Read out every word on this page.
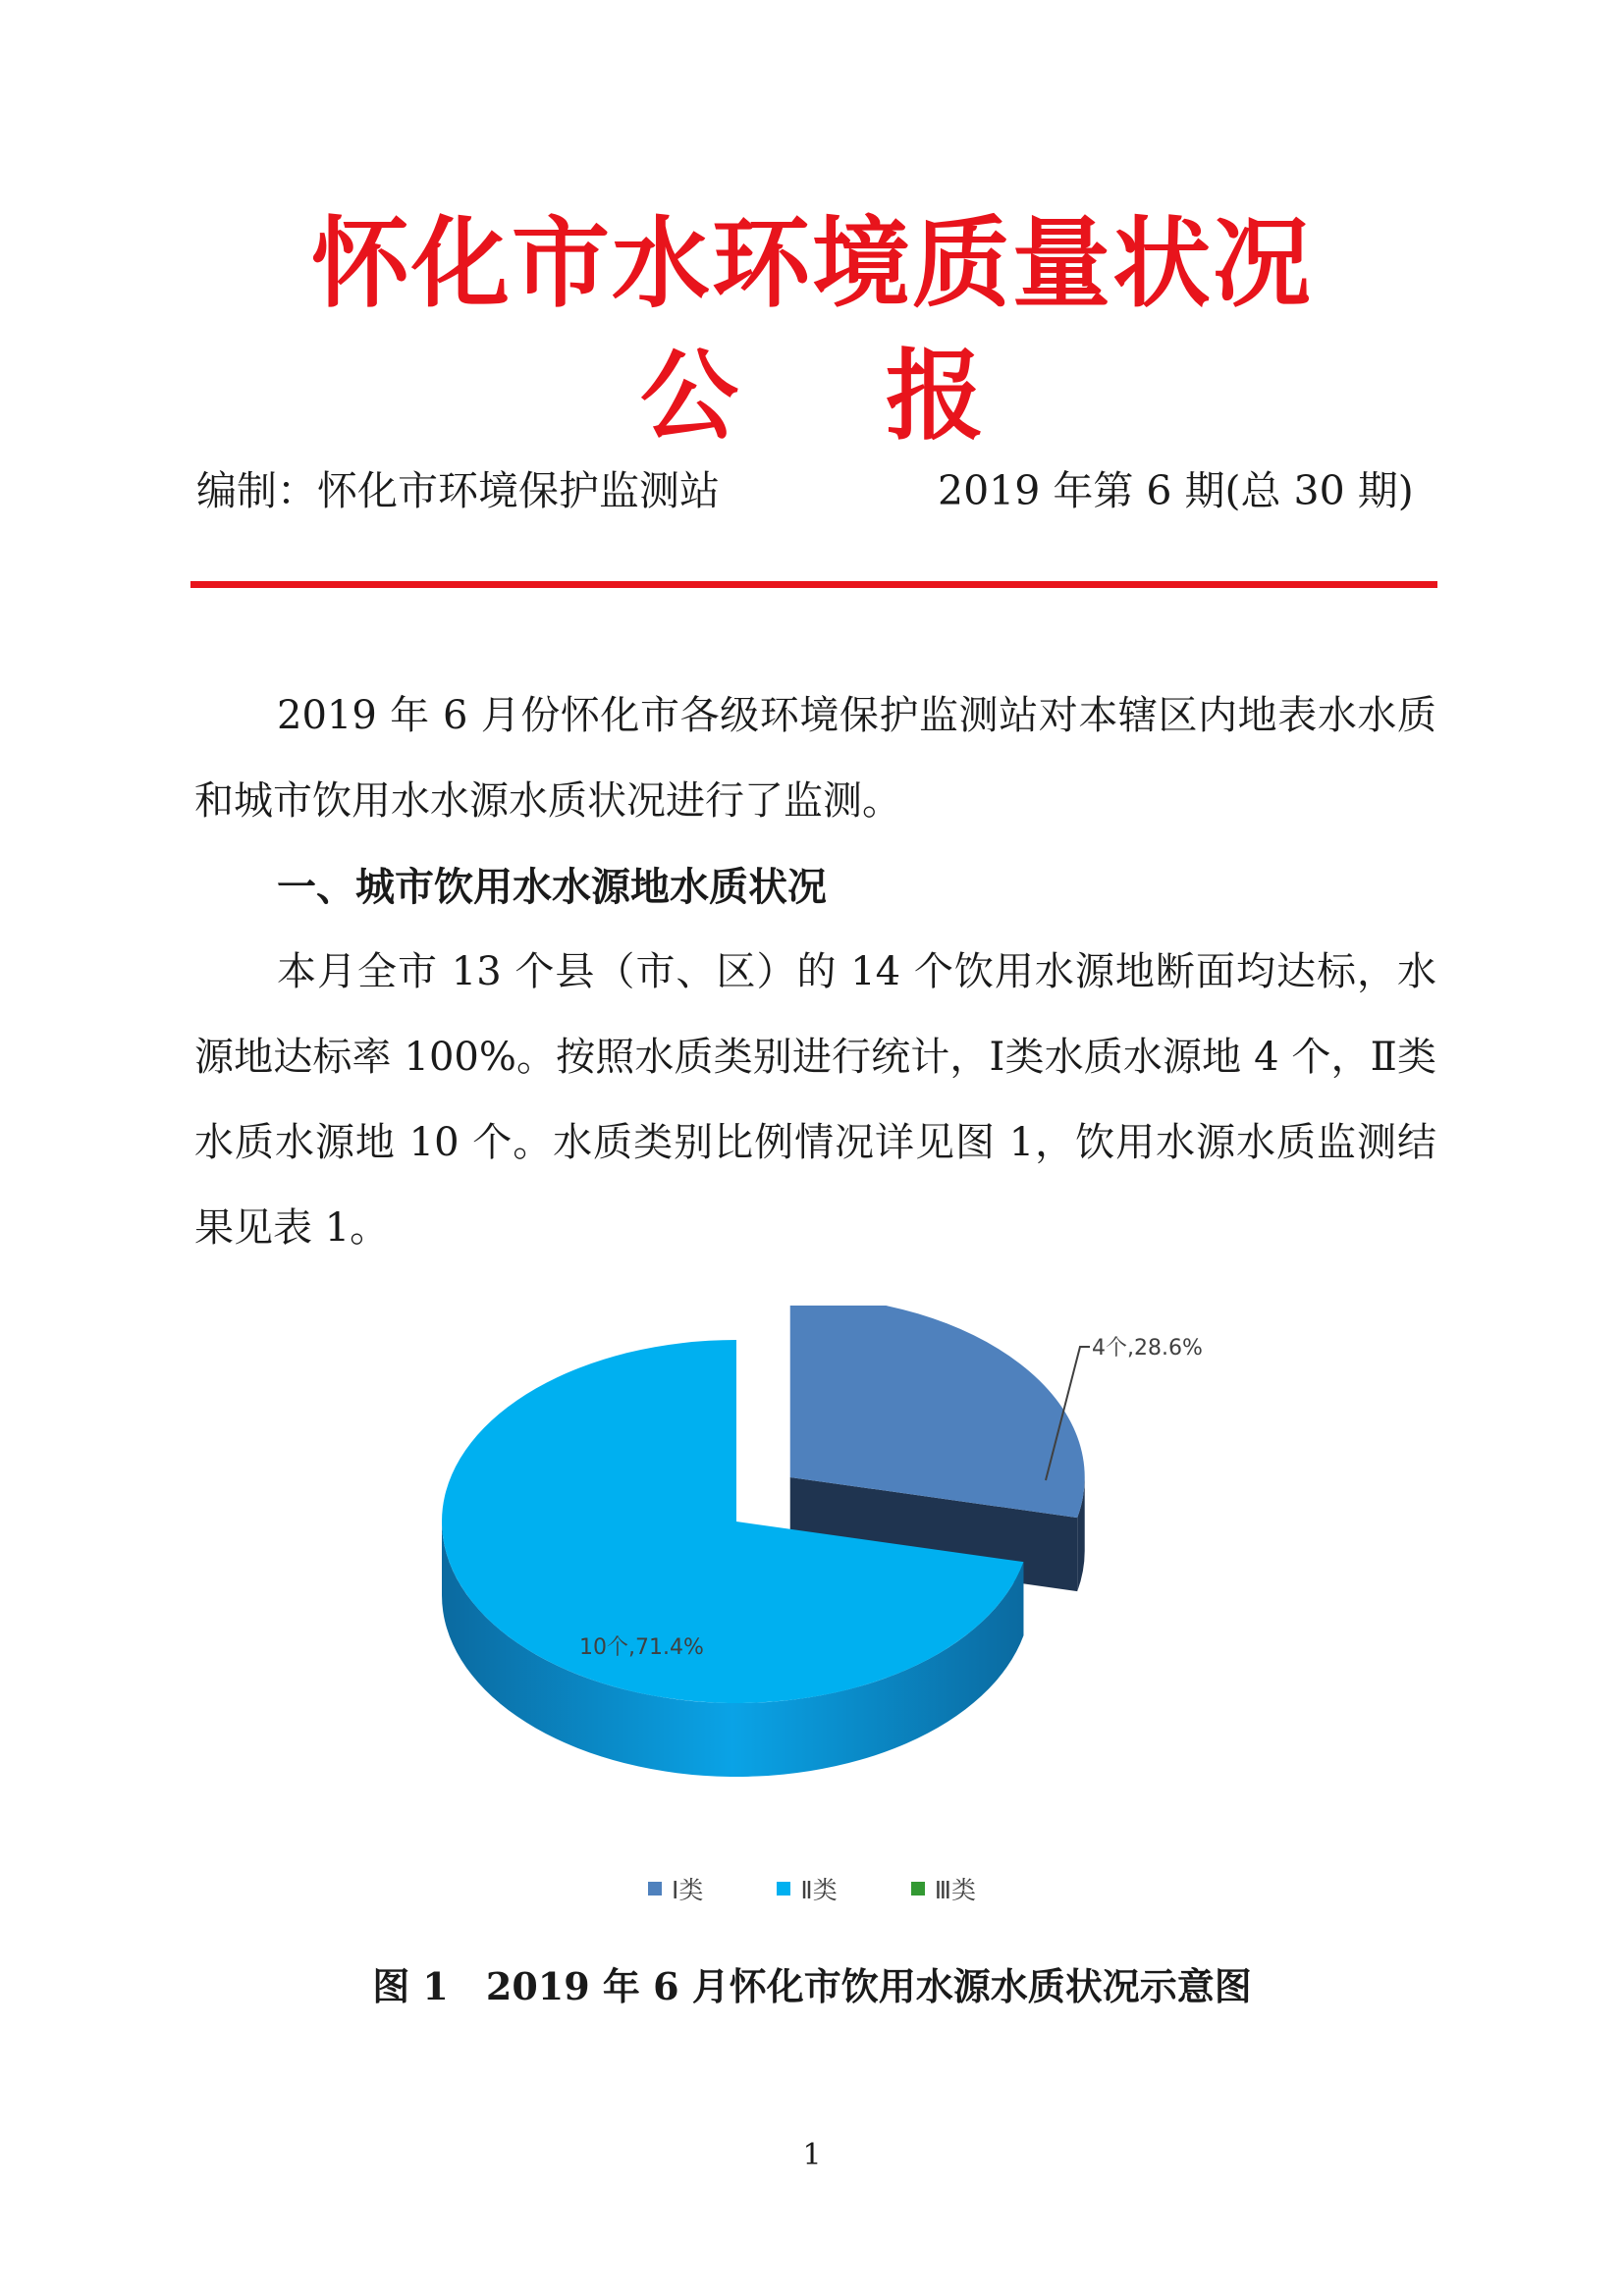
怀化市水环境质量状况
公报
编制：怀化市环境保护监测站	2019 年第 6 期(总 30 期)

2019 年 6 月份怀化市各级环境保护监测站对本辖区内地表水水质和城市饮用水水源水质状况进行了监测。

一、城市饮用水水源地水质状况

本月全市 13 个县（市、区）的 14 个饮用水源地断面均达标，水源地达标率 100%。按照水质类别进行统计，Ⅰ类水质水源地 4 个，Ⅱ类水质水源地 10 个。水质类别比例情况详见图 1，饮用水源水质监测结果见表 1。

4个,28.6%
10个,71.4%
Ⅰ类	Ⅱ类	Ⅲ类
图 1 2019 年 6 月怀化市饮用水源水质状况示意图
1
